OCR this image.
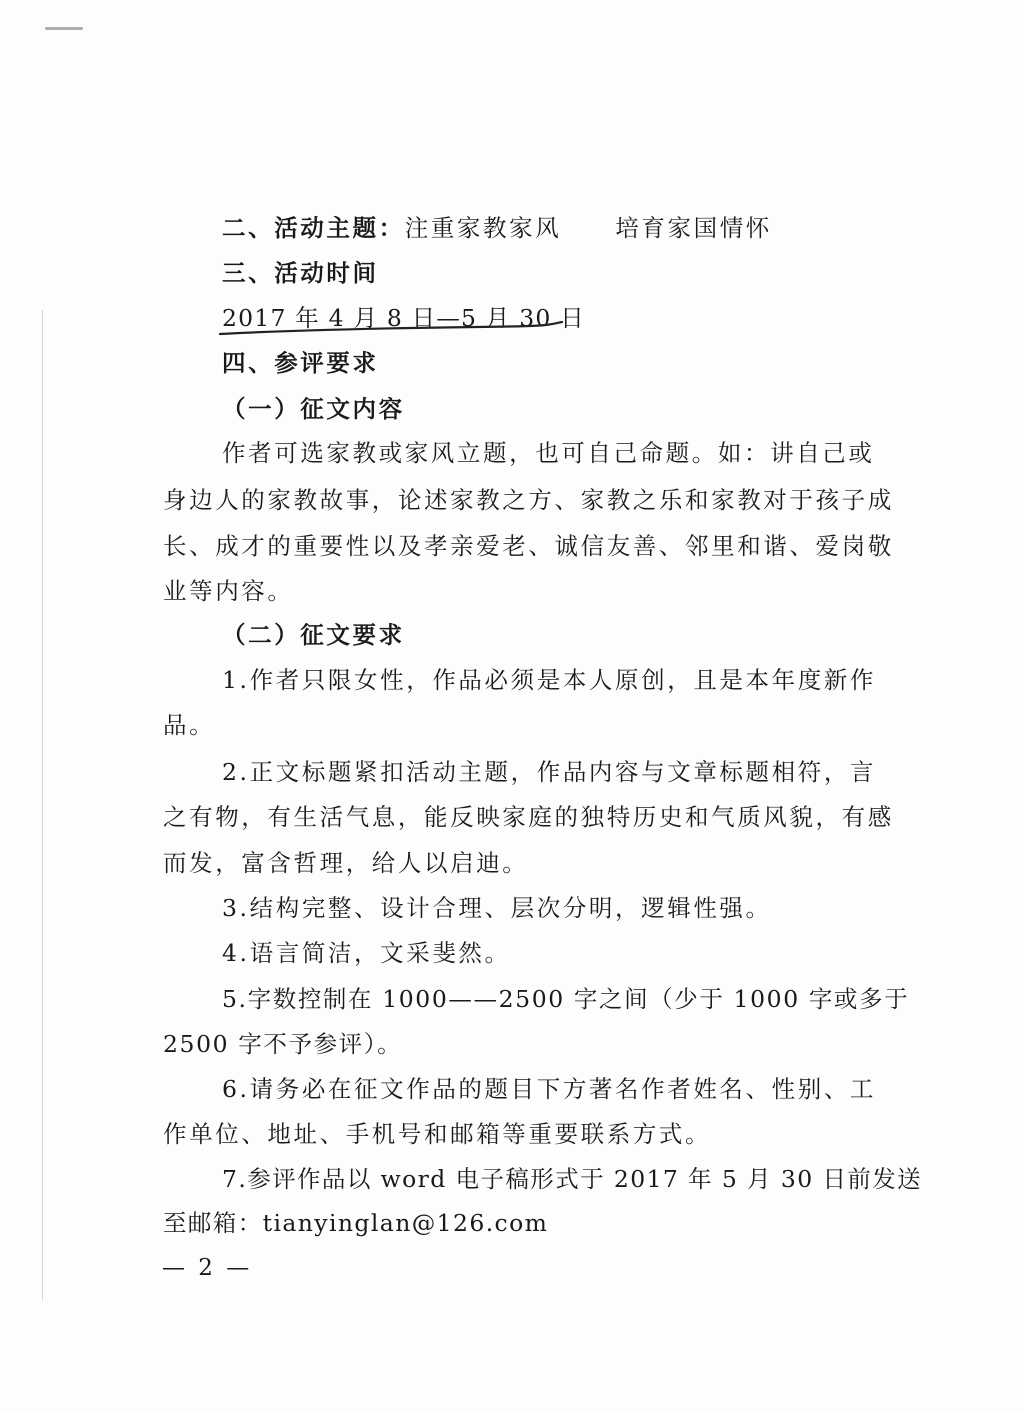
二、活动主题：注重家教家风 培育家国情怀
三、活动时间
2017 年 4 月 8 日—5 月 30 日
四、参评要求
（一）征文内容
作者可选家教或家风立题，也可自己命题。如：讲自己或
身边人的家教故事，论述家教之方、家教之乐和家教对于孩子成
长、成才的重要性以及孝亲爱老、诚信友善、邻里和谐、爱岗敬
业等内容。
（二）征文要求
1.作者只限女性，作品必须是本人原创，且是本年度新作
品。
2.正文标题紧扣活动主题，作品内容与文章标题相符，言
之有物，有生活气息，能反映家庭的独特历史和气质风貌，有感
而发，富含哲理，给人以启迪。
3.结构完整、设计合理、层次分明，逻辑性强。
4.语言简洁，文采斐然。
5.字数控制在 1000——2500 字之间（少于 1000 字或多于
2500 字不予参评）。
6.请务必在征文作品的题目下方著名作者姓名、性别、工
作单位、地址、手机号和邮箱等重要联系方式。
7.参评作品以 word 电子稿形式于 2017 年 5 月 30 日前发送
至邮箱：tianyinglan@126.com
— 2 —
